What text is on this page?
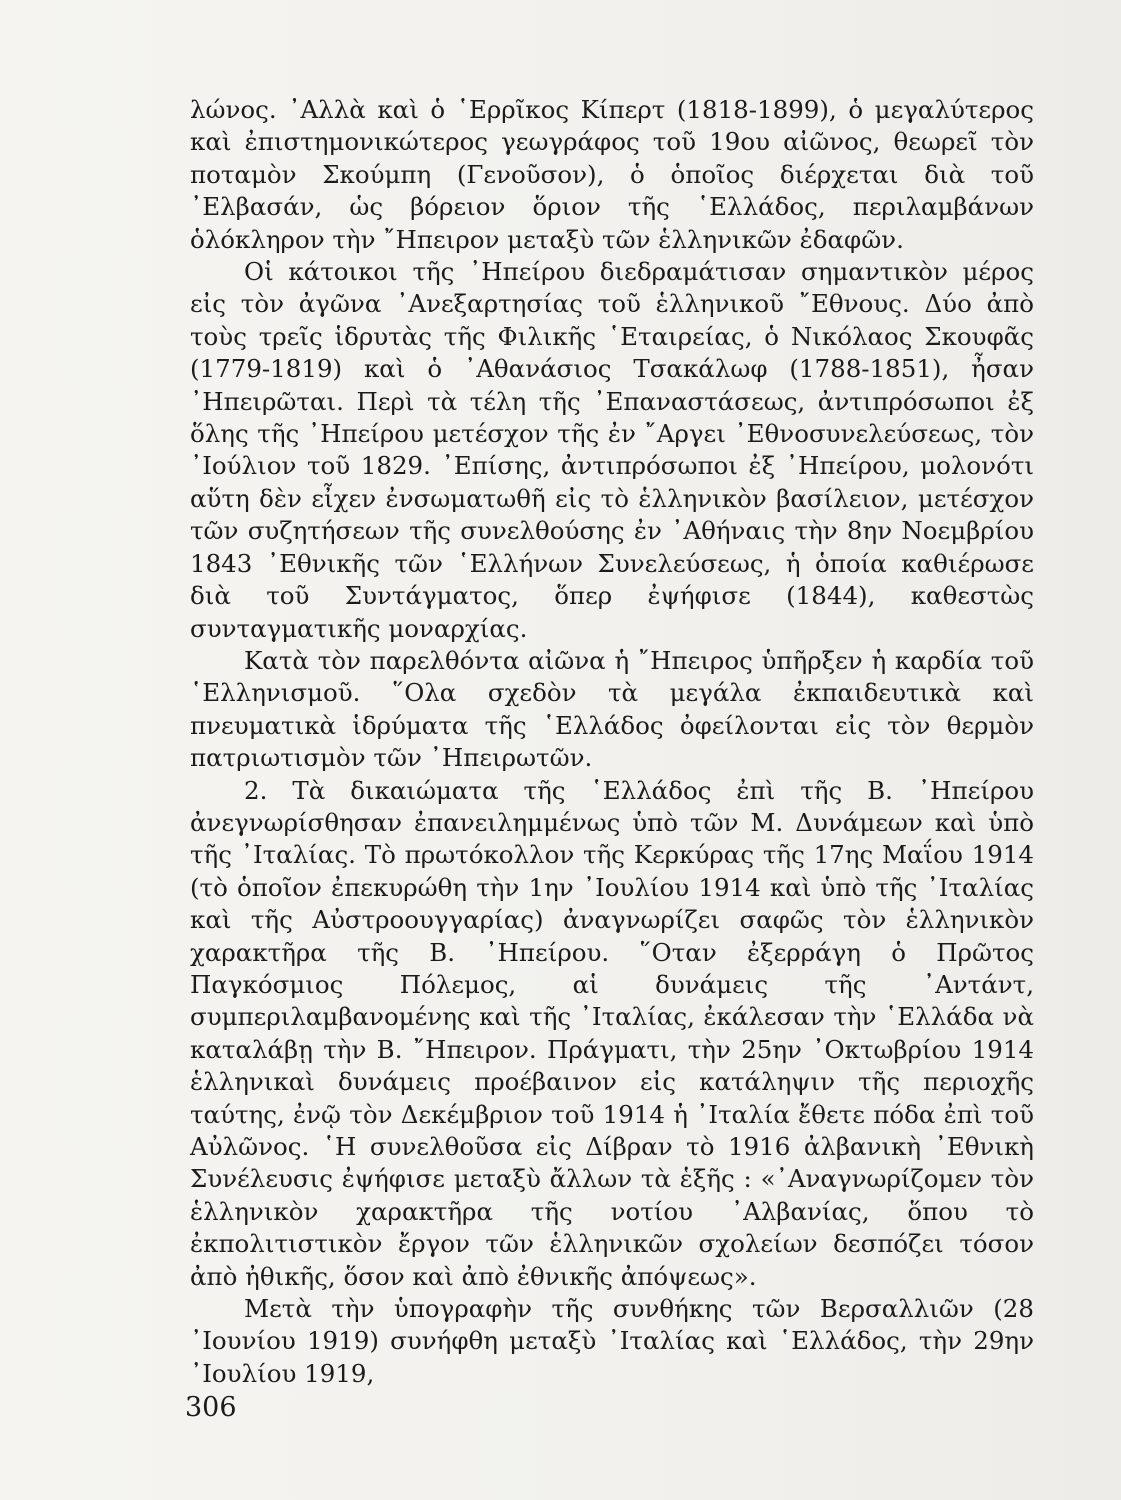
λώνος. ᾿Αλλὰ καὶ ὁ ῾Ερρῖκος Κίπερτ (1818-1899), ὁ μεγαλύτερος καὶ ἐπιστημονικώτερος γεωγράφος τοῦ 19ου αἰῶνος, θεωρεῖ τὸν ποταμὸν Σκούμπη (Γενοῦσον), ὁ ὁποῖος διέρχεται διὰ τοῦ ᾿Ελβασάν, ὡς βόρειον ὅριον τῆς ῾Ελλάδος, περιλαμβάνων ὁλόκληρον τὴν ῎Ηπειρον μεταξὺ τῶν ἑλληνικῶν ἐδαφῶν.

Οἱ κάτοικοι τῆς ᾿Ηπείρου διεδραμάτισαν σημαντικὸν μέρος εἰς τὸν ἀγῶνα ᾿Ανεξαρτησίας τοῦ ἑλληνικοῦ ῎Εθνους. Δύο ἀπὸ τοὺς τρεῖς ἱδρυτὰς τῆς Φιλικῆς ῾Εταιρείας, ὁ Νικόλαος Σκουφᾶς (1779-1819) καὶ ὁ ᾿Αθανάσιος Τσακάλωφ (1788-1851), ἦσαν ᾿Ηπειρῶται. Περὶ τὰ τέλη τῆς ᾿Επαναστάσεως, ἀντιπρόσωποι ἐξ ὅλης τῆς ᾿Ηπείρου μετέσχον τῆς ἐν ῎Αργει ᾿Εθνοσυνελεύσεως, τὸν ᾿Ιούλιον τοῦ 1829. ᾿Επίσης, ἀντιπρόσωποι ἐξ ᾿Ηπείρου, μολονότι αὕτη δὲν εἶχεν ἐνσωματωθῆ εἰς τὸ ἑλληνικὸν βασίλειον, μετέσχον τῶν συζητήσεων τῆς συνελθούσης ἐν ᾿Αθήναις τὴν 8ην Νοεμβρίου 1843 ᾿Εθνικῆς τῶν ῾Ελλήνων Συνελεύσεως, ἡ ὁποία καθιέρωσε διὰ τοῦ Συντάγματος, ὅπερ ἐψήφισε (1844), καθεστὼς συνταγματικῆς μοναρχίας.

Κατὰ τὸν παρελθόντα αἰῶνα ἡ ῎Ηπειρος ὑπῆρξεν ἡ καρδία τοῦ ῾Ελληνισμοῦ. ῞Ολα σχεδὸν τὰ μεγάλα ἐκπαιδευτικὰ καὶ πνευματικὰ ἱδρύματα τῆς ῾Ελλάδος ὀφείλονται εἰς τὸν θερμὸν πατριωτισμὸν τῶν ᾿Ηπειρωτῶν.

2. Τὰ δικαιώματα τῆς ῾Ελλάδος ἐπὶ τῆς Β. ᾿Ηπείρου ἀνεγνωρίσθησαν ἐπανειλημμένως ὑπὸ τῶν Μ. Δυνάμεων καὶ ὑπὸ τῆς ᾿Ιταλίας. Τὸ πρωτόκολλον τῆς Κερκύρας τῆς 17ης Μαΐου 1914 (τὸ ὁποῖον ἐπεκυρώθη τὴν 1ην ᾿Ιουλίου 1914 καὶ ὑπὸ τῆς ᾿Ιταλίας καὶ τῆς Αὐστροουγγαρίας) ἀναγνωρίζει σαφῶς τὸν ἑλληνικὸν χαρακτῆρα τῆς Β. ᾿Ηπείρου. ῞Οταν ἐξερράγη ὁ Πρῶτος Παγκόσμιος Πόλεμος, αἱ δυνάμεις τῆς ᾿Αντάντ, συμπεριλαμβανομένης καὶ τῆς ᾿Ιταλίας, ἐκάλεσαν τὴν ῾Ελλάδα νὰ καταλάβῃ τὴν Β. ῎Ηπειρον. Πράγματι, τὴν 25ην ᾿Οκτωβρίου 1914 ἑλληνικαὶ δυνάμεις προέβαινον εἰς κατάληψιν τῆς περιοχῆς ταύτης, ἐνῷ τὸν Δεκέμβριον τοῦ 1914 ἡ ᾿Ιταλία ἔθετε πόδα ἐπὶ τοῦ Αὐλῶνος. ῾Η συνελθοῦσα εἰς Δίβραν τὸ 1916 ἀλβανικὴ ᾿Εθνικὴ Συνέλευσις ἐψήφισε μεταξὺ ἄλλων τὰ ἑξῆς : «᾿Αναγνωρίζομεν τὸν ἑλληνικὸν χαρακτῆρα τῆς νοτίου ᾿Αλβανίας, ὅπου τὸ ἐκπολιτιστικὸν ἔργον τῶν ἑλληνικῶν σχολείων δεσπόζει τόσον ἀπὸ ἠθικῆς, ὅσον καὶ ἀπὸ ἐθνικῆς ἀπόψεως».

Μετὰ τὴν ὑπογραφὴν τῆς συνθήκης τῶν Βερσαλλιῶν (28 ᾿Ιουνίου 1919) συνήφθη μεταξὺ ᾿Ιταλίας καὶ ῾Ελλάδος, τὴν 29ην ᾿Ιουλίου 1919,

306
